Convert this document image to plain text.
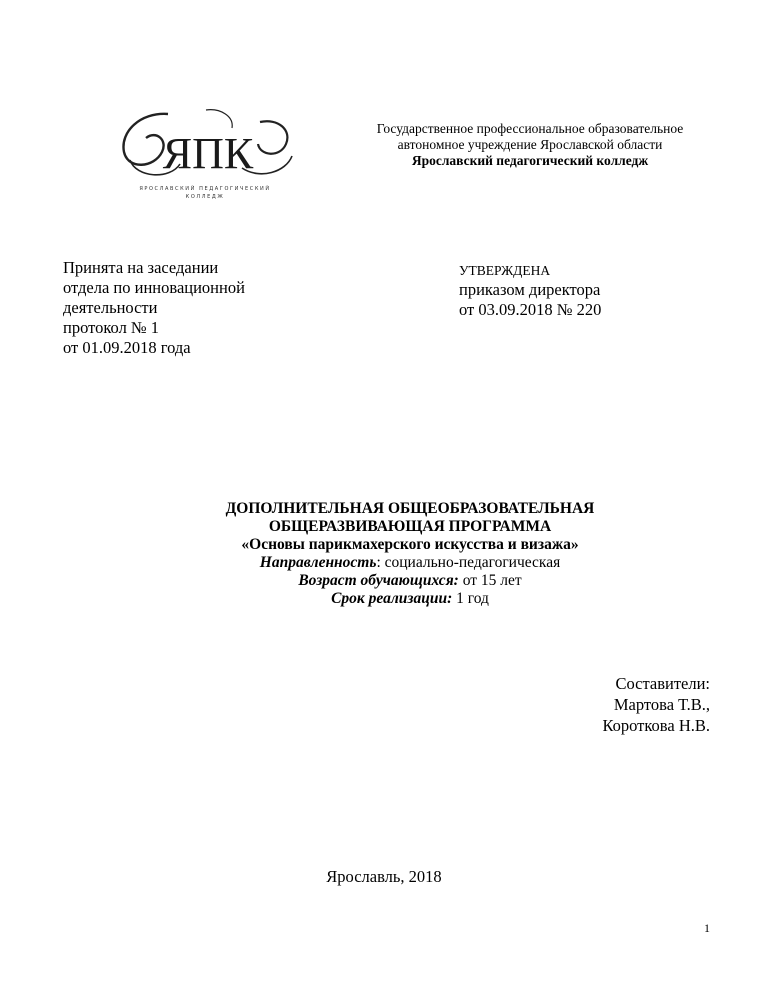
ЯПК
ЯРОСЛАВСКИЙ ПЕДАГОГИЧЕСКИЙ
КОЛЛЕДЖ
Государственное профессиональное образовательное
автономное учреждение Ярославской области
Ярославский педагогический колледж
Принята на заседании
отдела по инновационной
деятельности
протокол № 1
от 01.09.2018 года
УТВЕРЖДЕНА
приказом директора
от 03.09.2018 № 220
ДОПОЛНИТЕЛЬНАЯ ОБЩЕОБРАЗОВАТЕЛЬНАЯ
ОБЩЕРАЗВИВАЮЩАЯ ПРОГРАММА
«Основы парикмахерского искусства и визажа»
Направленность: социально-педагогическая
Возраст обучающихся: от 15 лет
Срок реализации: 1 год
Составители:
Мартова Т.В.,
Короткова Н.В.
Ярославль, 2018
1
